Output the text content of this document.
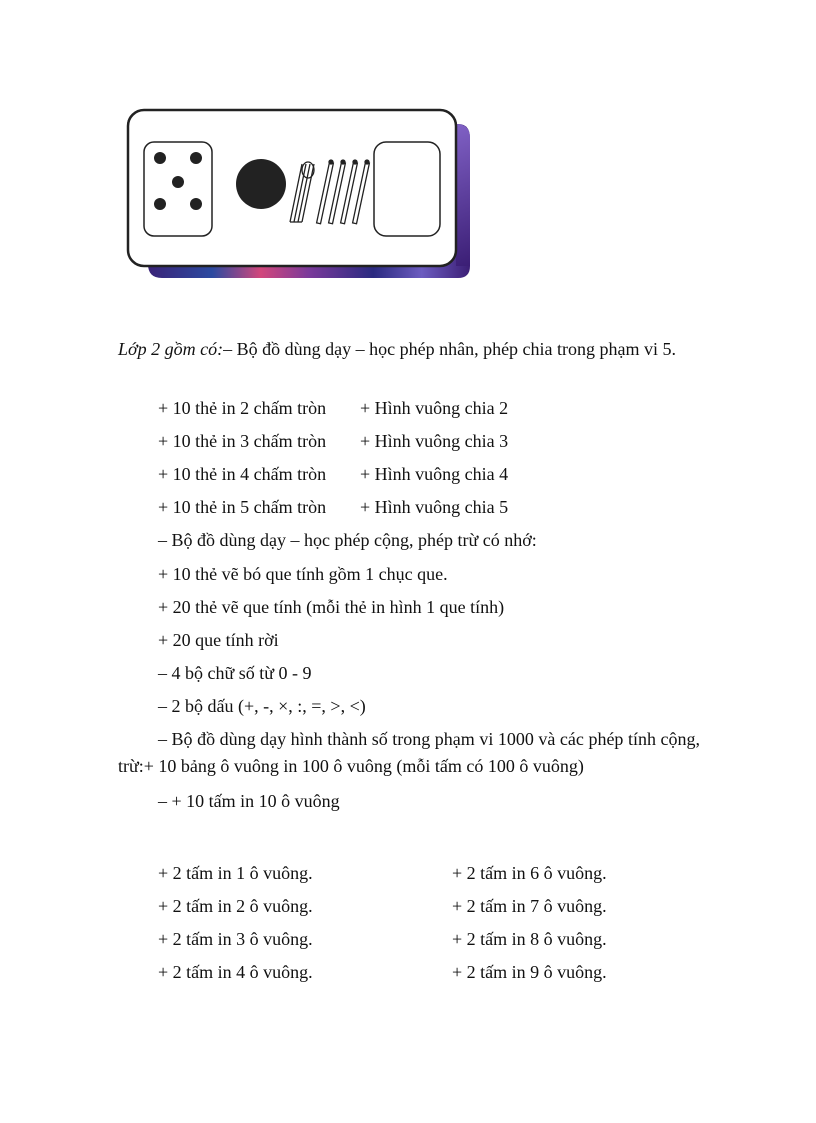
Lớp 2 gồm có:– Bộ đồ dùng dạy – học phép nhân, phép chia trong phạm vi 5.
+ 10 thẻ in 2 chấm tròn + Hình vuông chia 2
+ 10 thẻ in 3 chấm tròn + Hình vuông chia 3
+ 10 thẻ in 4 chấm tròn + Hình vuông chia 4
+ 10 thẻ in 5 chấm tròn + Hình vuông chia 5
– Bộ đồ dùng dạy – học phép cộng, phép trừ có nhớ:
+ 10 thẻ vẽ bó que tính gồm 1 chục que.
+ 20 thẻ vẽ que tính (mỗi thẻ in hình 1 que tính)
+ 20 que tính rời
– 4 bộ chữ số từ 0 - 9
– 2 bộ dấu (+, -, ×, :, =, >, <)
– Bộ đồ dùng dạy hình thành số trong phạm vi 1000 và các phép tính cộng, trừ:+ 10 bảng ô vuông in 100 ô vuông (mỗi tấm có 100 ô vuông)
– + 10 tấm in 10 ô vuông
+ 2 tấm in 1 ô vuông.	+ 2 tấm in 6 ô vuông.
+ 2 tấm in 2 ô vuông.	+ 2 tấm in 7 ô vuông.
+ 2 tấm in 3 ô vuông.	+ 2 tấm in 8 ô vuông.
+ 2 tấm in 4 ô vuông.	+ 2 tấm in 9 ô vuông.
